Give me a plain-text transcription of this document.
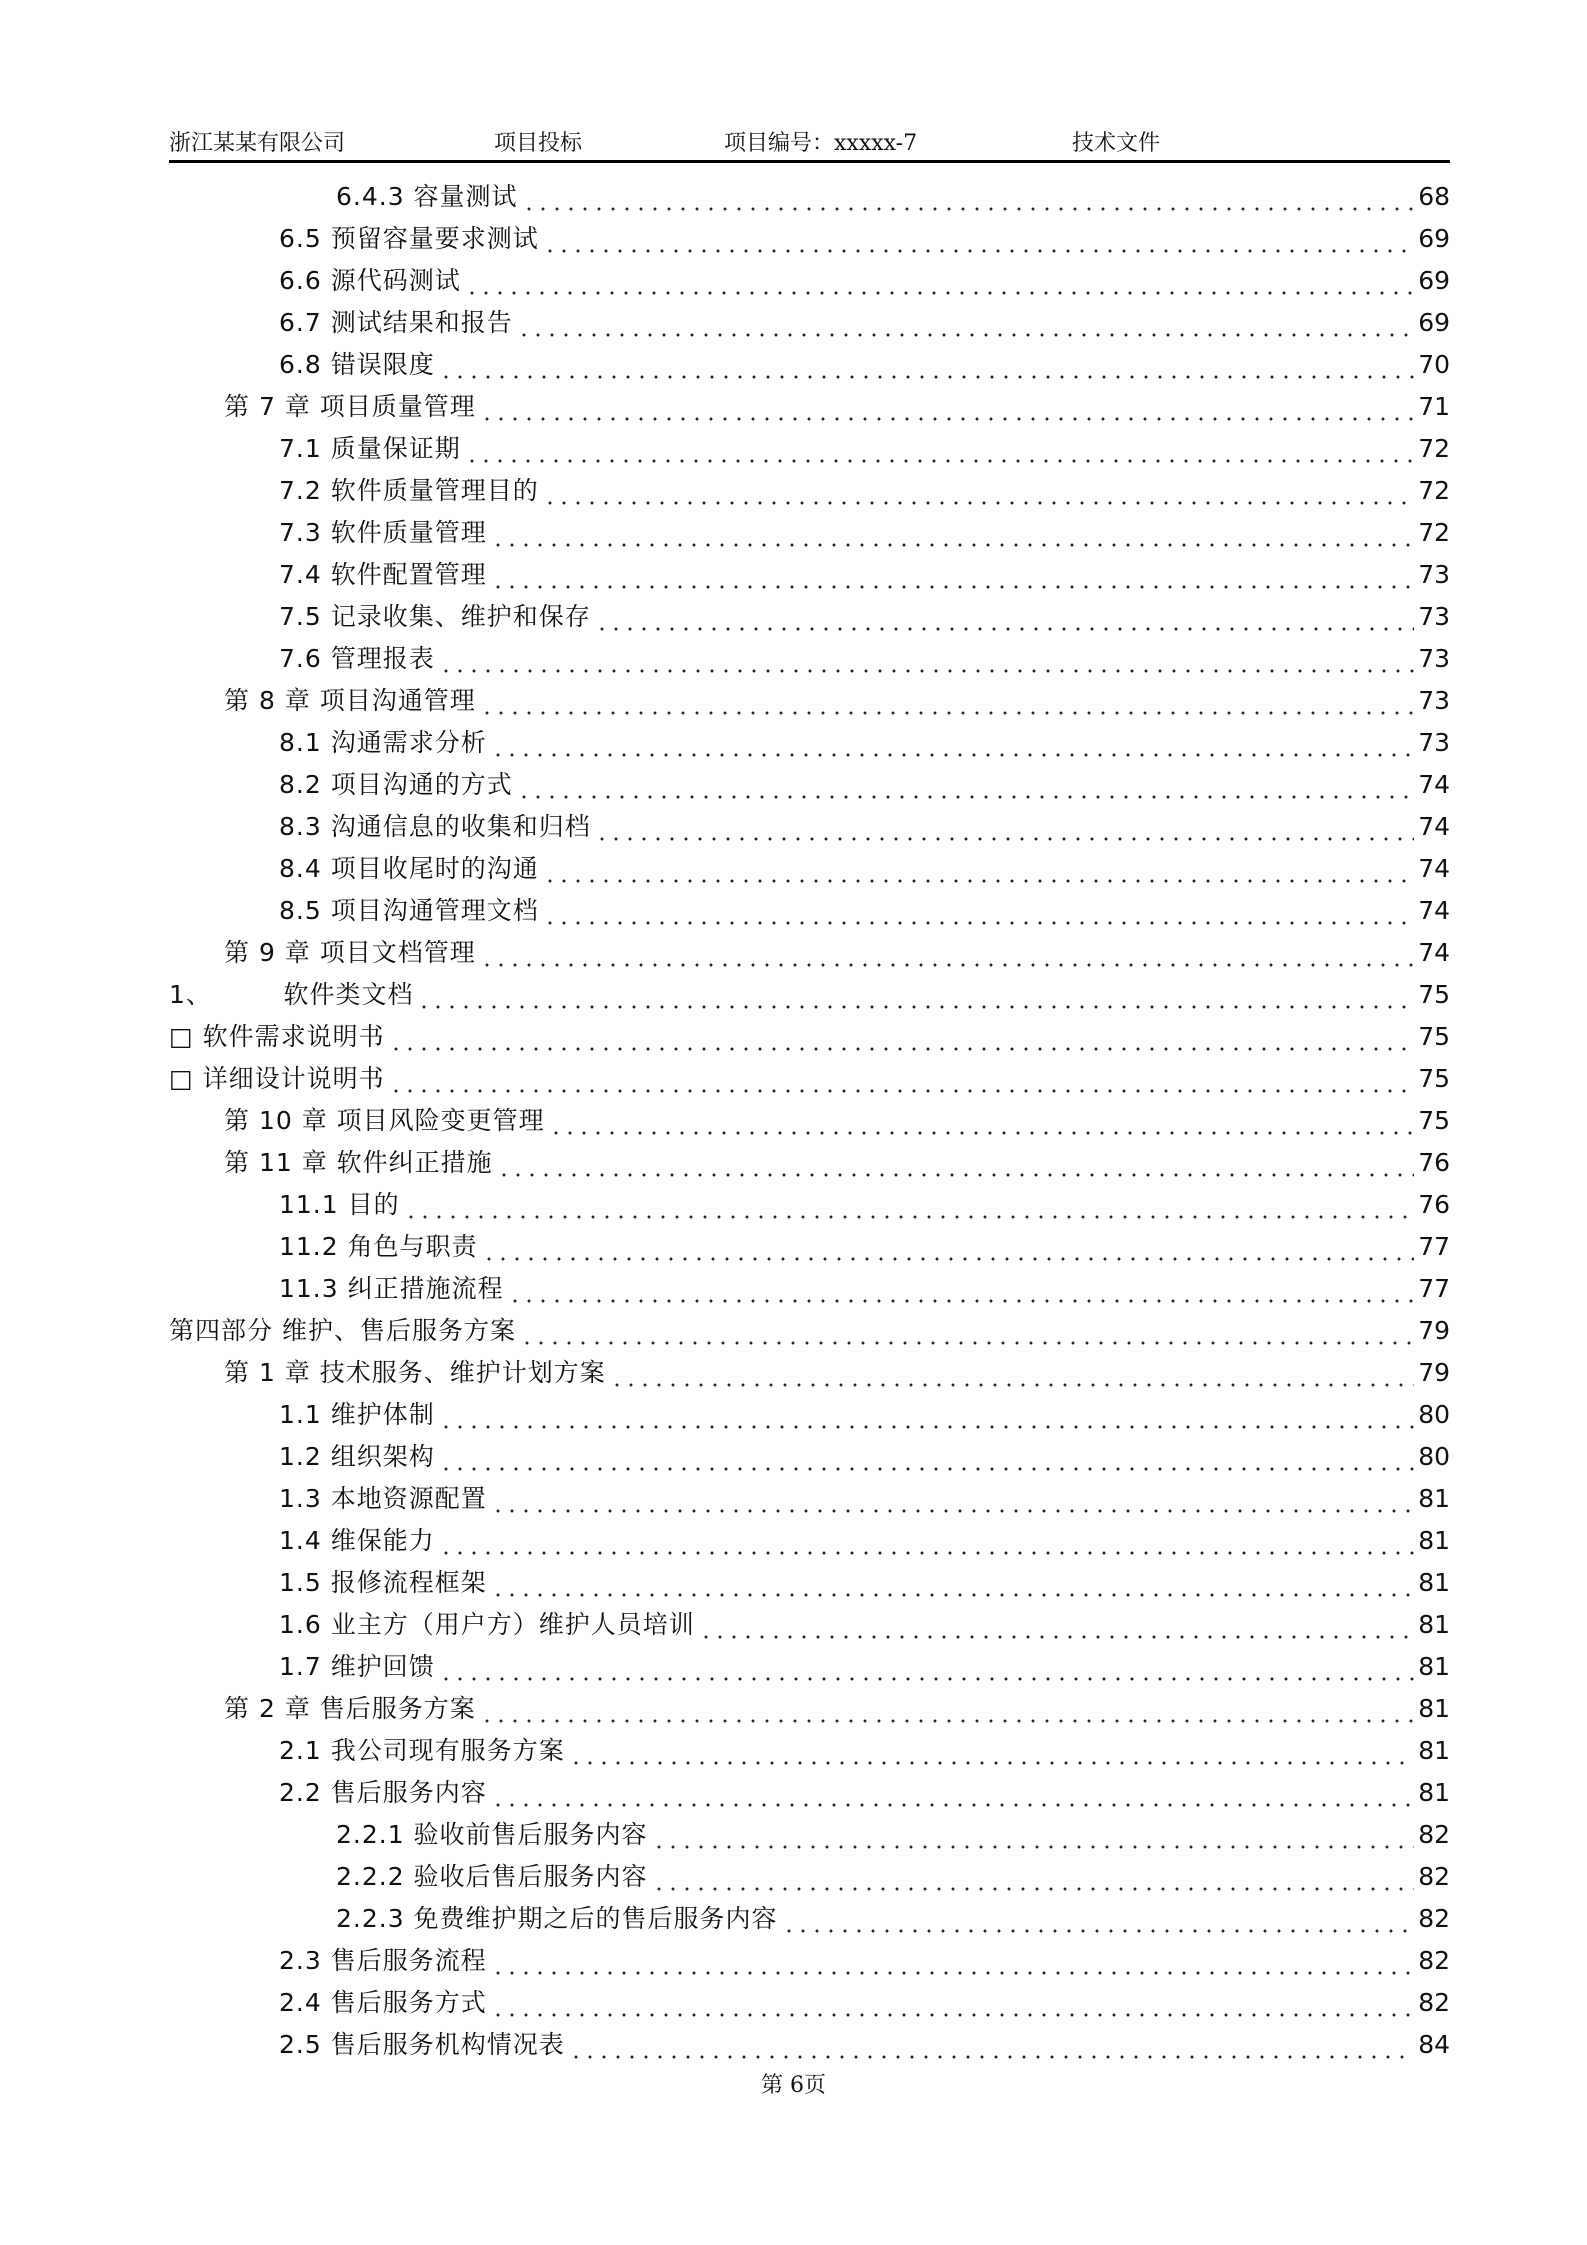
浙江某某有限公司	项目投标	项目编号：xxxxx-7	技术文件
6.4.3 容量测试	68
6.5 预留容量要求测试	69
6.6 源代码测试	69
6.7 测试结果和报告	69
6.8 错误限度	70
第 7 章 项目质量管理	71
7.1 质量保证期	72
7.2 软件质量管理目的	72
7.3 软件质量管理	72
7.4 软件配置管理	73
7.5 记录收集、维护和保存	73
7.6 管理报表	73
第 8 章 项目沟通管理	73
8.1 沟通需求分析	73
8.2 项目沟通的方式	74
8.3 沟通信息的收集和归档	74
8.4 项目收尾时的沟通	74
8.5 项目沟通管理文档	74
第 9 章 项目文档管理	74
1、        软件类文档	75
□ 软件需求说明书	75
□ 详细设计说明书	75
第 10 章 项目风险变更管理	75
第 11 章 软件纠正措施	76
11.1 目的	76
11.2 角色与职责	77
11.3 纠正措施流程	77
第四部分 维护、售后服务方案	79
第 1 章 技术服务、维护计划方案	79
1.1 维护体制	80
1.2 组织架构	80
1.3 本地资源配置	81
1.4 维保能力	81
1.5 报修流程框架	81
1.6 业主方（用户方）维护人员培训	81
1.7 维护回馈	81
第 2 章 售后服务方案	81
2.1 我公司现有服务方案	81
2.2 售后服务内容	81
2.2.1 验收前售后服务内容	82
2.2.2 验收后售后服务内容	82
2.2.3 免费维护期之后的售后服务内容	82
2.3 售后服务流程	82
2.4 售后服务方式	82
2.5 售后服务机构情况表	84
第 6页
